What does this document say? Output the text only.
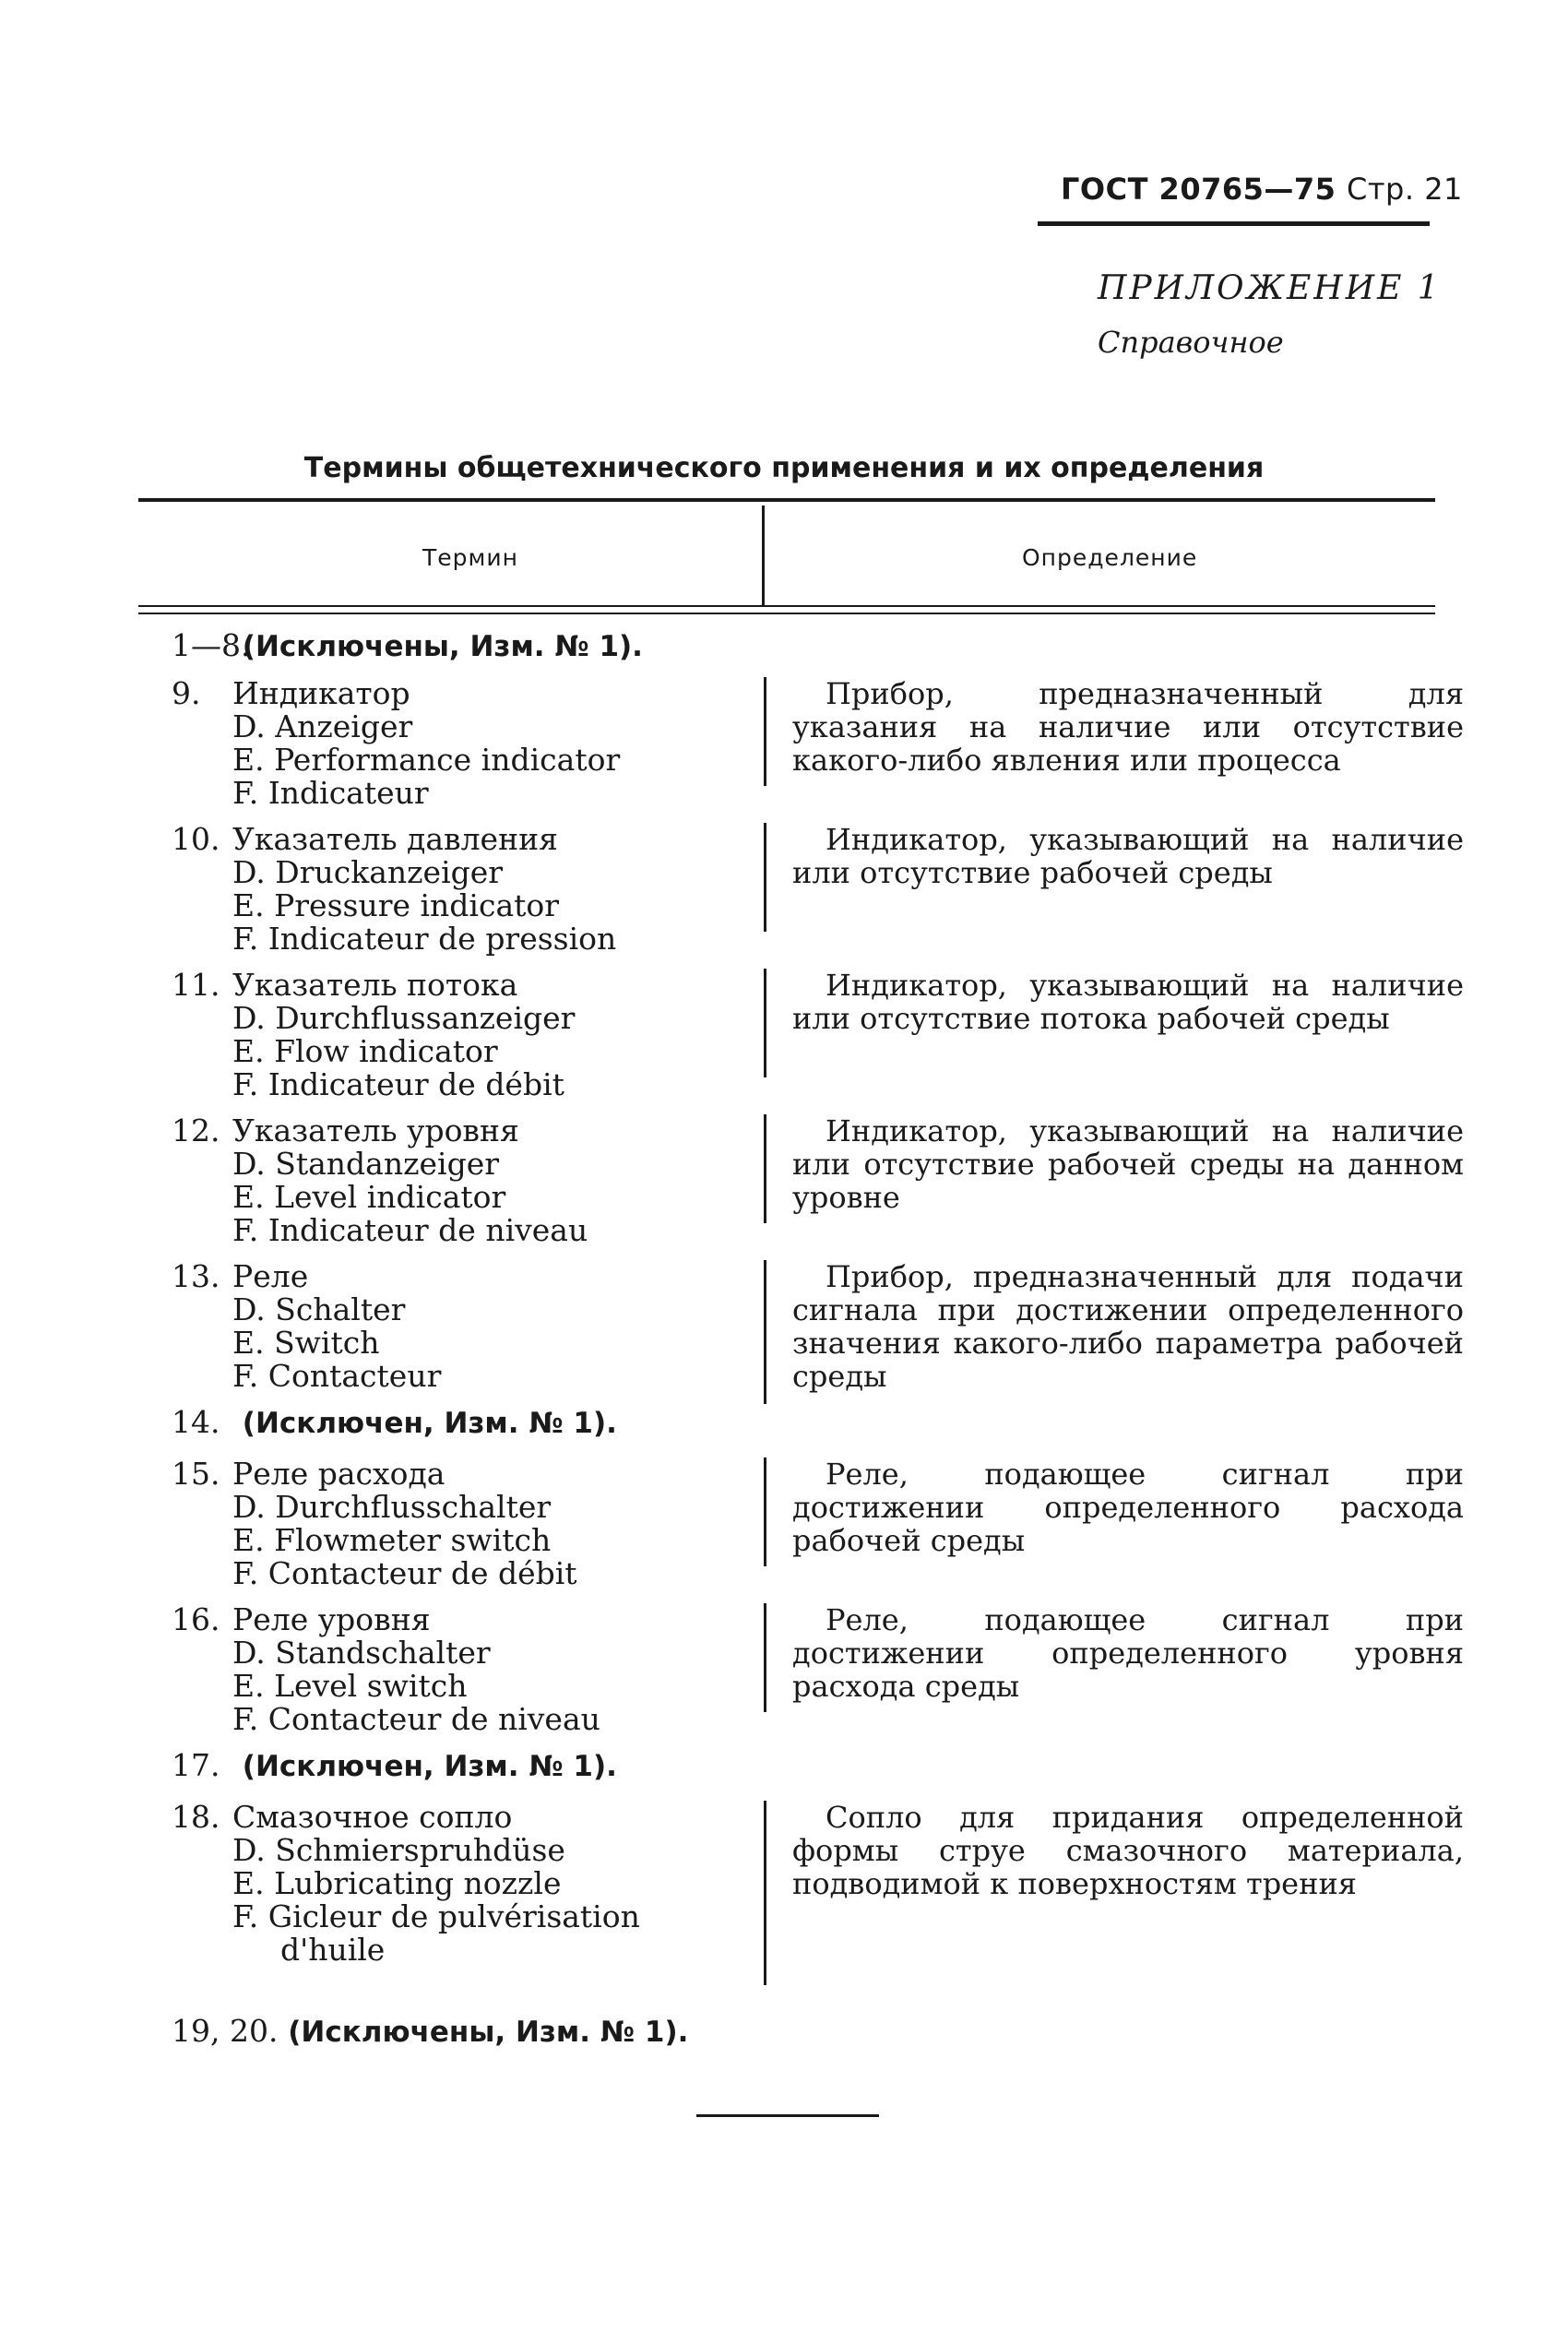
ГОСТ 20765—75 Стр. 21
ПРИЛОЖЕНИЕ 1
Справочное
Термины общетехнического применения и их определения
Термин	Определение
1—8. (Исключены, Изм. № 1).
9. Индикатор
D. Anzeiger
E. Performance indicator
F. Indicateur

Прибор, предназначенный для указания на наличие или отсутствие какого-либо явления или процесса

10. Указатель давления
D. Druckanzeiger
E. Pressure indicator
F. Indicateur de pression

Индикатор, указывающий на наличие или отсутствие рабочей среды

11. Указатель потока
D. Durchflussanzeiger
E. Flow indicator
F. Indicateur de débit

Индикатор, указывающий на наличие или отсутствие потока рабочей среды

12. Указатель уровня
D. Standanzeiger
E. Level indicator
F. Indicateur de niveau

Индикатор, указывающий на наличие или отсутствие рабочей среды на данном уровне

13. Реле
D. Schalter
E. Switch
F. Contacteur

Прибор, предназначенный для подачи сигнала при достижении определенного значения какого-либо параметра рабочей среды

14. (Исключен, Изм. № 1).
15. Реле расхода
D. Durchflusschalter
E. Flowmeter switch
F. Contacteur de débit

Реле, подающее сигнал при достижении определенного расхода рабочей среды

16. Реле уровня
D. Standschalter
E. Level switch
F. Contacteur de niveau

Реле, подающее сигнал при достижении определенного уровня расхода среды

17. (Исключен, Изм. № 1).
18. Смазочное сопло
D. Schmierspruhdüse
E. Lubricating nozzle
F. Gicleur de pulvérisation
d'huile

Сопло для придания определенной формы струе смазочного материала, подводимой к поверхностям трения

19, 20. (Исключены, Изм. № 1).
